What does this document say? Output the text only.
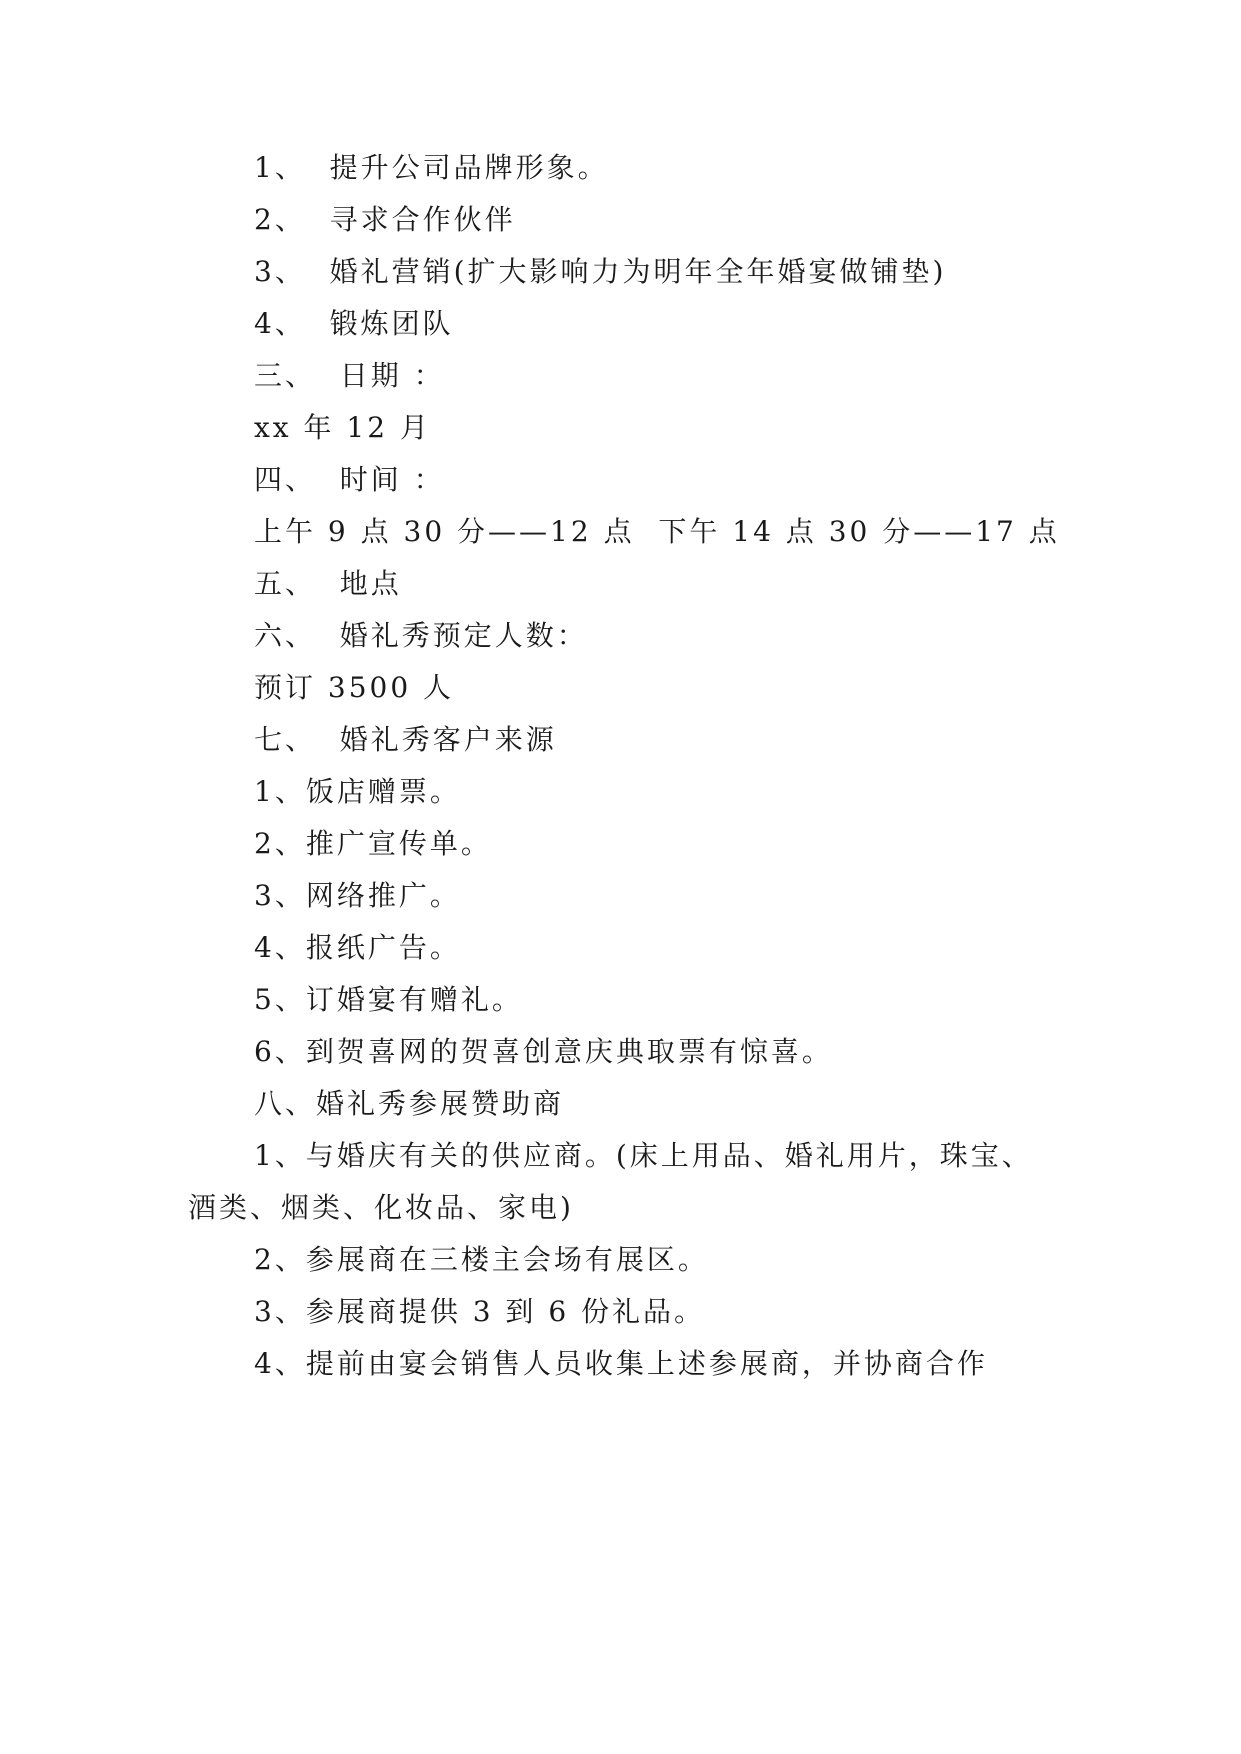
1、  提升公司品牌形象。
2、  寻求合作伙伴
3、  婚礼营销(扩大影响力为明年全年婚宴做铺垫)
4、  锻炼团队
三、  日期 ：
xx 年 12 月
四、  时间 ：
上午 9 点 30 分——12 点  下午 14 点 30 分——17 点
五、  地点
六、  婚礼秀预定人数：
预订 3500 人
七、  婚礼秀客户来源
1、饭店赠票。
2、推广宣传单。
3、网络推广。
4、报纸广告。
5、订婚宴有赠礼。
6、到贺喜网的贺喜创意庆典取票有惊喜。
八、婚礼秀参展赞助商
1、与婚庆有关的供应商。(床上用品、婚礼用片，珠宝、
酒类、烟类、化妆品、家电)
2、参展商在三楼主会场有展区。
3、参展商提供 3 到 6 份礼品。
4、提前由宴会销售人员收集上述参展商，并协商合作
